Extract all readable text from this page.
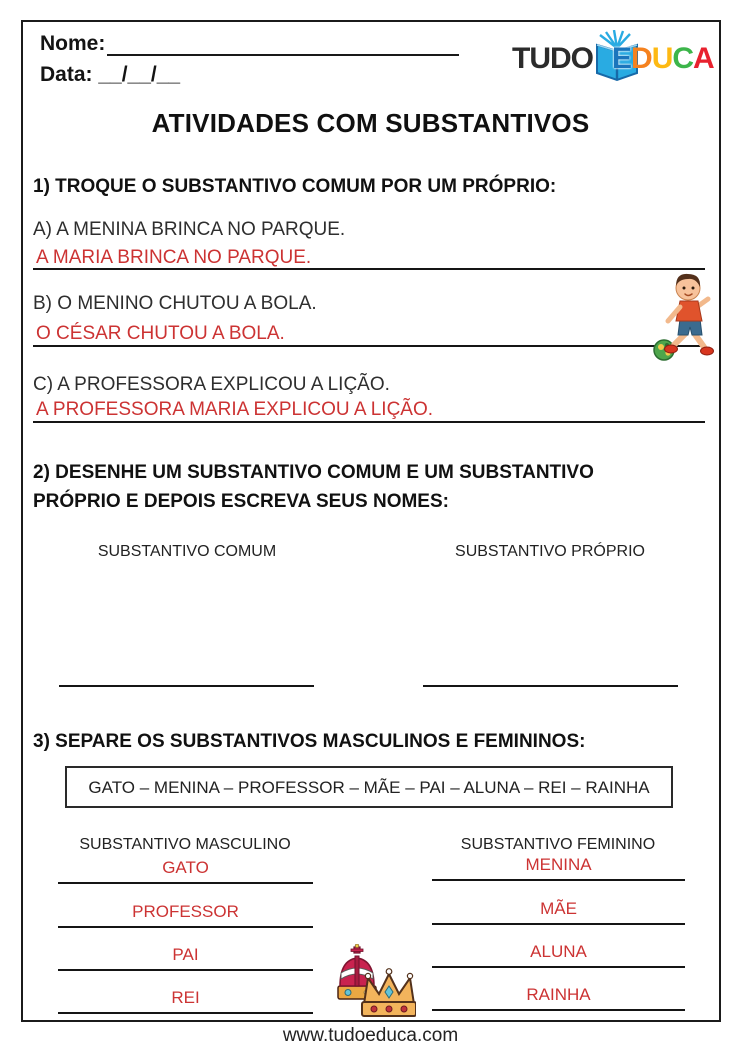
Nome:
Data: __/__/__	TUDO E D U C A
ATIVIDADES COM SUBSTANTIVOS
1) TROQUE O SUBSTANTIVO COMUM POR UM PRÓPRIO:
A) A MENINA BRINCA NO PARQUE.
A MARIA BRINCA NO PARQUE.
B) O MENINO CHUTOU A BOLA.
O CÉSAR CHUTOU A BOLA.
C) A PROFESSORA EXPLICOU A LIÇÃO.
A PROFESSORA MARIA EXPLICOU A LIÇÃO.
2) DESENHE UM SUBSTANTIVO COMUM E UM SUBSTANTIVO PRÓPRIO E DEPOIS ESCREVA SEUS NOMES:
SUBSTANTIVO COMUM	SUBSTANTIVO PRÓPRIO
3) SEPARE OS SUBSTANTIVOS MASCULINOS E FEMININOS:
GATO – MENINA – PROFESSOR – MÃE – PAI – ALUNA – REI – RAINHA
SUBSTANTIVO MASCULINO	SUBSTANTIVO FEMININO
GATO	MENINA
PROFESSOR	MÃE
PAI	ALUNA
REI	RAINHA
www.tudoeduca.com
